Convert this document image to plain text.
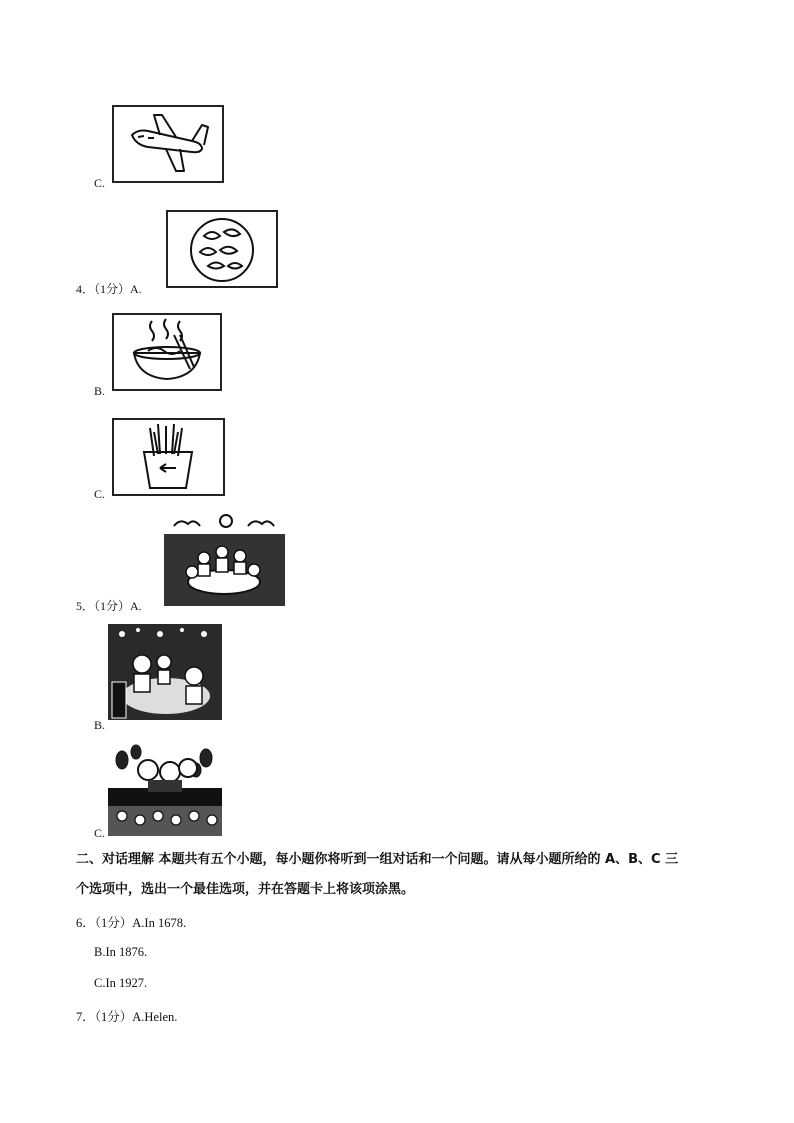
C.
4．（1分）A.
B.
C.
5．（1分）A.
B.
C.
二、对话理解 本题共有五个小题，每小题你将听到一组对话和一个问题。请从每小题所给的 A、B、C 三
个选项中，选出一个最佳选项，并在答题卡上将该项涂黑。
6．（1分）A.In 1678.
B.In 1876.
C.In 1927.
7．（1分）A.Helen.
